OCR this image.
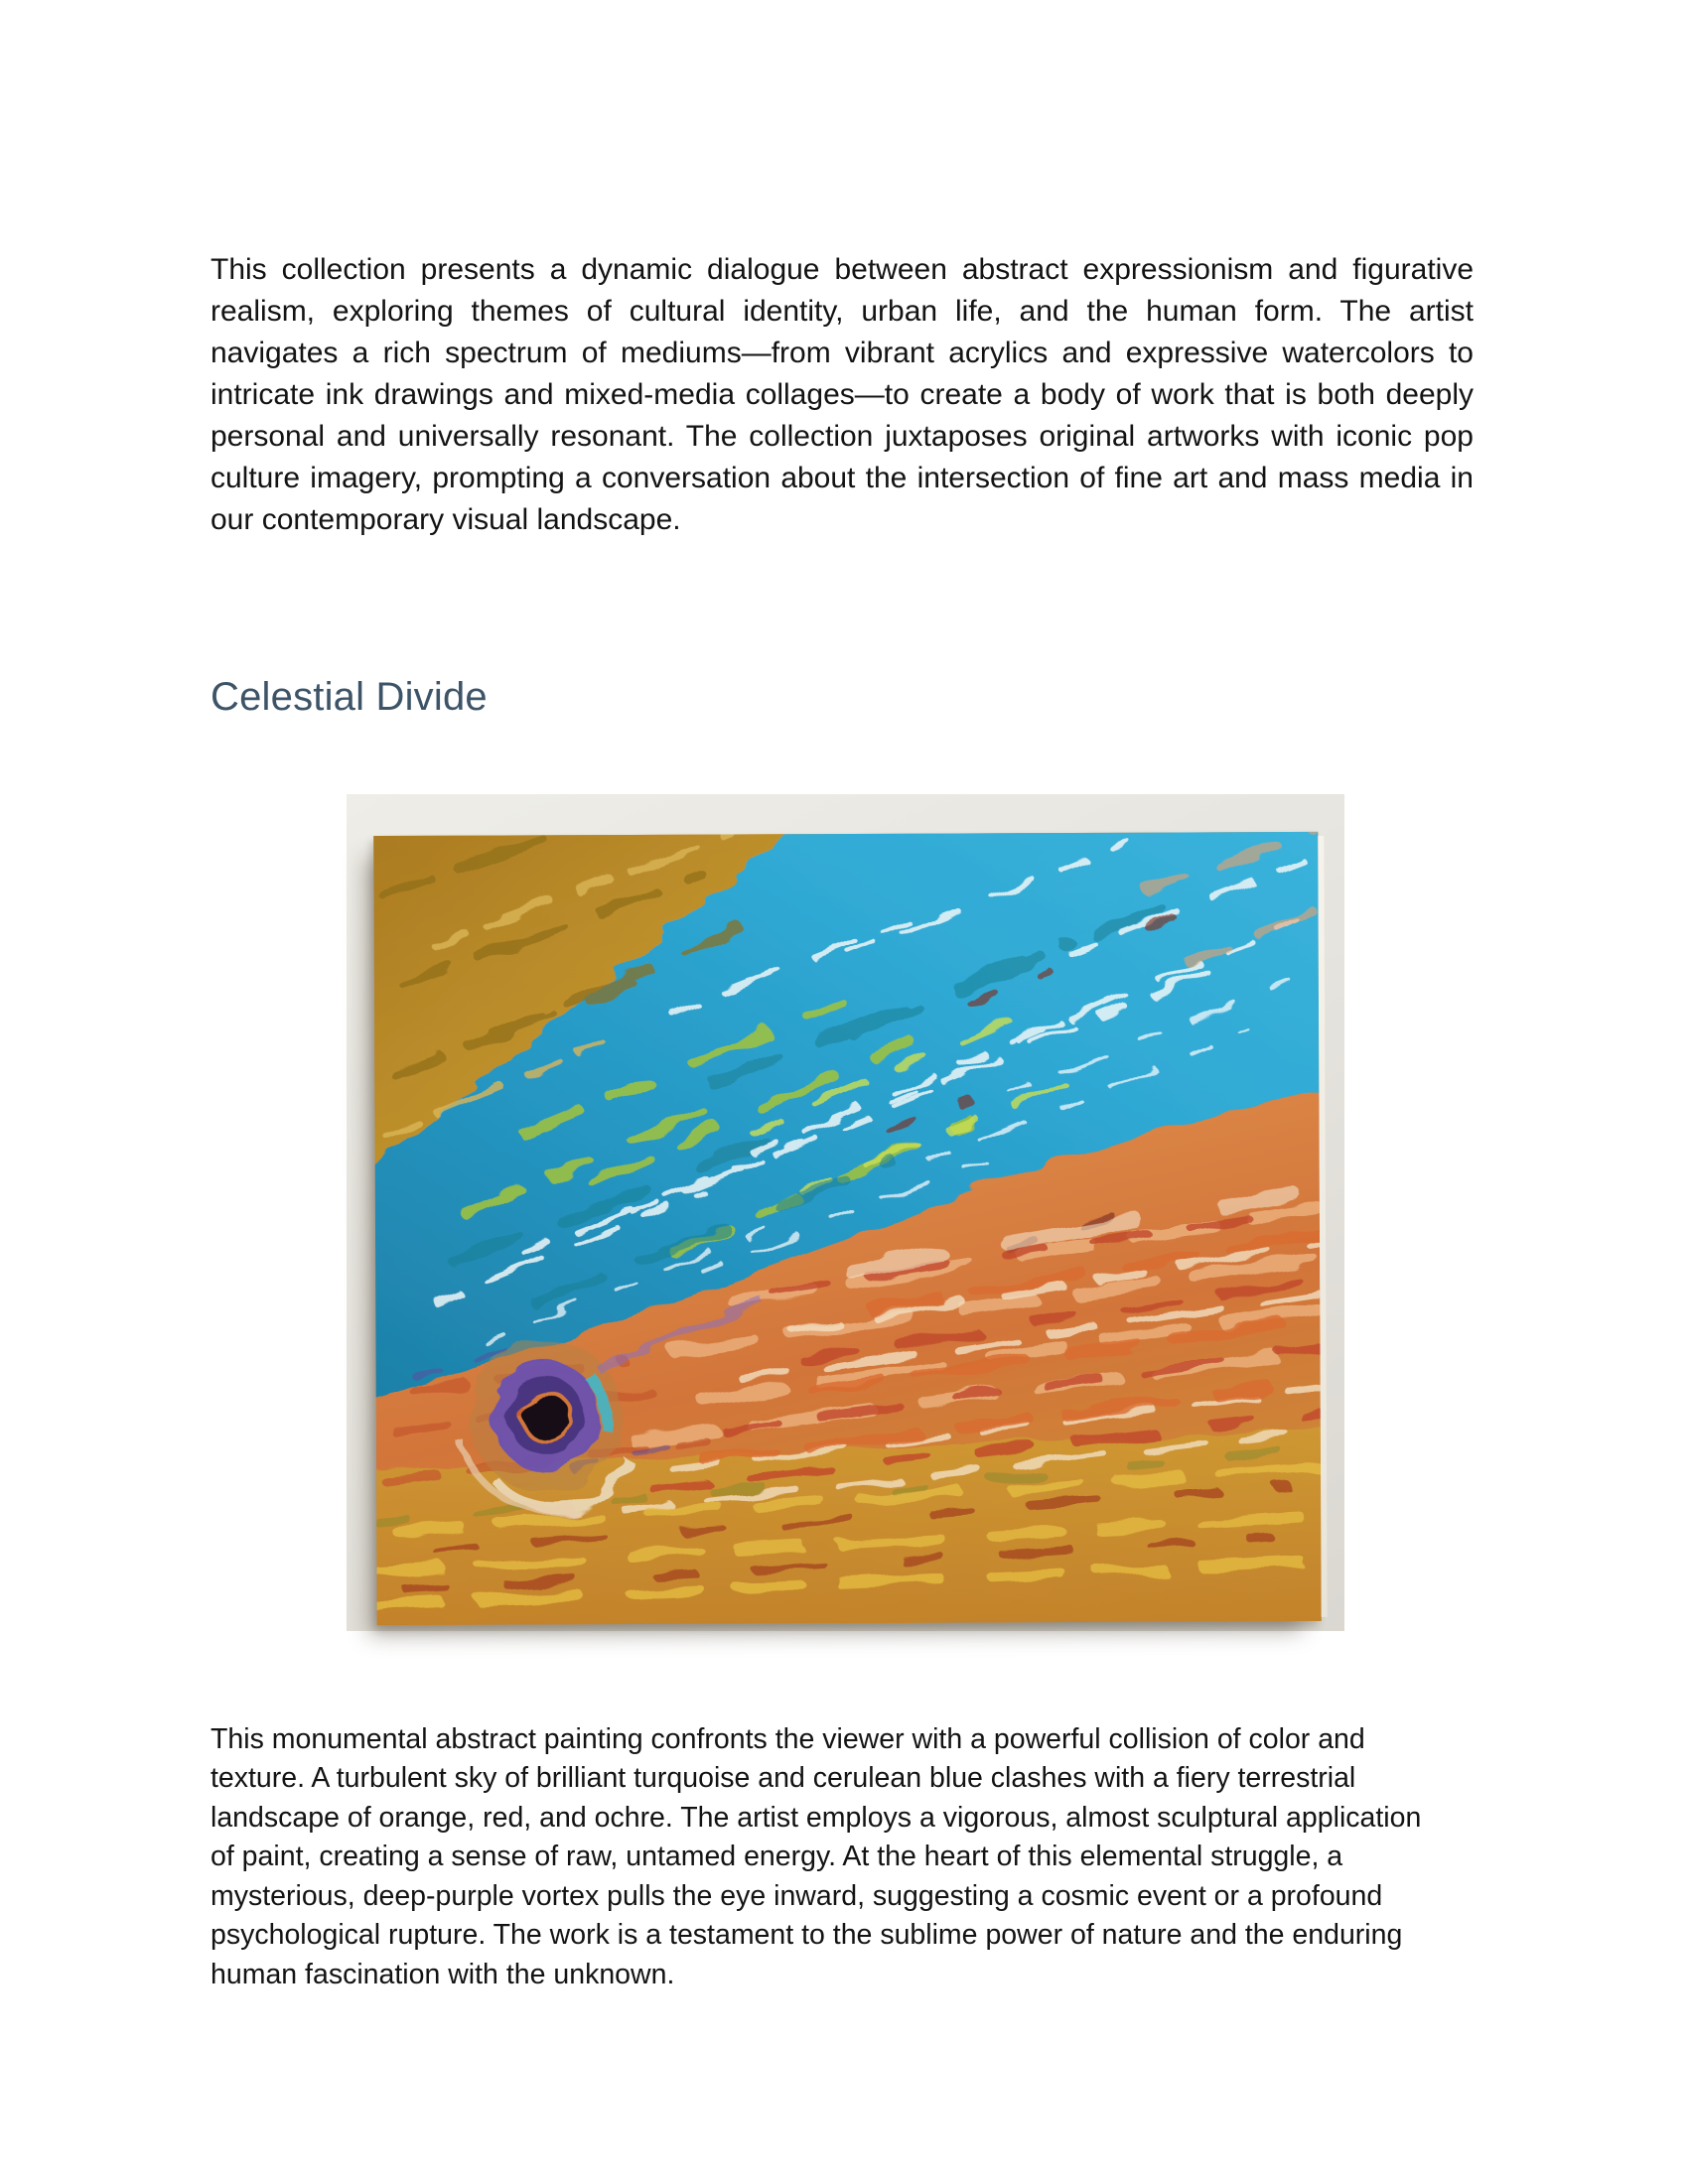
This collection presents a dynamic dialogue between abstract expressionism and figurative realism, exploring themes of cultural identity, urban life, and the human form. The artist navigates a rich spectrum of mediums—from vibrant acrylics and expressive watercolors to intricate ink drawings and mixed-media collages—to create a body of work that is both deeply personal and universally resonant. The collection juxtaposes original artworks with iconic pop culture imagery, prompting a conversation about the intersection of fine art and mass media in our contemporary visual landscape.

Celestial Divide

This monumental abstract painting confronts the viewer with a powerful collision of color and texture. A turbulent sky of brilliant turquoise and cerulean blue clashes with a fiery terrestrial landscape of orange, red, and ochre. The artist employs a vigorous, almost sculptural application of paint, creating a sense of raw, untamed energy. At the heart of this elemental struggle, a mysterious, deep-purple vortex pulls the eye inward, suggesting a cosmic event or a profound psychological rupture. The work is a testament to the sublime power of nature and the enduring human fascination with the unknown.
